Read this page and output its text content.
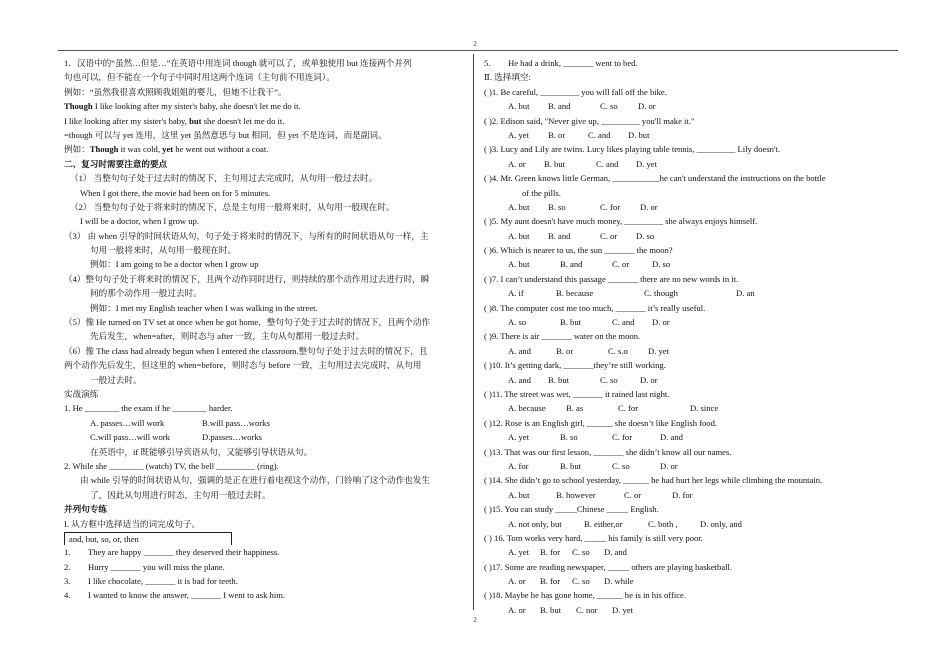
2
2
1．汉语中的“虽然…但是…”在英语中用连词 though 就可以了，或单独使用 but 连接两个并列
句也可以，但不能在一个句子中同时用这两个连词（主句前不用连词）。
例如：“虽然我很喜欢照顾我姐姐的婴儿，但她不让我干”。
Though I like looking after my sister's baby, she doesn't let me do it.
I like looking after my sister's baby, but she doesn't let me do it.
=though 可以与 yet 连用，这里 yet 虽然意思与 but 相同，但 yet 不是连词，而是副词。
例如：Though it was cold, yet he went out without a coat.
二、复习时需要注意的要点
（1） 当整句句子处于过去时的情况下，主句用过去完成时，从句用一般过去时。
When I got there, the movie had been on for 5 minutes.
（2） 当整句句子处于将来时的情况下，总是主句用一般将来时，从句用一般现在时。
I will be a doctor, when I grow up.
（3） 由 when 引导的时间状语从句，句子处于将来时的情况下，与所有的时间状语从句一样，主
句用一般将来时，从句用一般现在时。
例如：I am going to be a doctor when I grow up
（4）整句句子处于将来时的情况下，且两个动作同时进行，则持续的那个动作用过去进行时，瞬
间的那个动作用一般过去时。
例如：I met my English teacher when I was walking in the street.
（5）像 He turned on TV set at once when he got home，整句句子处于过去时的情况下，且两个动作
先后发生，when=after，则时态与 after 一致，主句从句都用一般过去时。
（6）像 The class had already begun when I entered the classroom.整句句子处于过去时的情况下，且
两个动作先后发生，但这里的 when=before，则时态与 before 一致，主句用过去完成时，从句用
一般过去时。
实战演练
1. He ________ the exam if he ________ harder.
A. passes…will work	B.will pass…works
C.will pass…will work	D.passes…works
在英语中，if 既能够引导宾语从句，又能够引导状语从句。
2. While she ________ (watch) TV, the bell _________ (ring).
由 while 引导的时间状语从句，强调的是正在进行着电视这个动作，门铃响了这个动作也发生
了，因此从句用进行时态，主句用一般过去时。
并列句专练
I. 从方框中选择适当的词完成句子。
and, but, so, or, then
1. They are happy _______ they deserved their happiness.
2. Hurry _______ you will miss the plane.
3. I like chocolate, _______ it is bad for teeth.
4. I wanted to know the answer, _______ I went to ask him.
5. He had a drink, _______ went to bed.
Ⅱ. 选择填空:
( )1. Be careful, _________ you will fall off the bike.
A. but B. and	C. so D. or
( )2. Edison said, "Never give up, _________ you'll make it."
A. yet B. or	C. and D. but
( )3. Lucy and Lily are twins. Lucy likes playing table tennis, _________ Lily doesn't.
A. or B. but	C. and D. yet
( )4. Mr. Green knows little German, ___________he can't understand the instructions on the bottle
of the pills.
A. but B. so	C. for D. or
( )5. My aunt doesn't have much money, _________ she always enjoys himself.
A. but B. and	C. or D. so
( )6. Which is nearer to us, the sun _______ the moon?
A. but	B. and	C. or	D. so
( )7. I can’t understand this passage _______ there are no new words in it.
A. if	B. because	C. though	D. an
( )8. The computer cost me too much, _______ it’s really useful.
A. so	B. but	C. and D. or
( )9. There is air _______ water on the moon.
A. and	B. or	C. s.o D. yet
( )10. It’s getting dark, _______they’re still working.
A. and B. but	C. so	D. or
( )11. The street was wet, _______ it rained last night.
A. because B. as	C. for	D. since
( )12. Rose is an English girl, ______ she doesn’t like English food.
A. yet	B. so	C. for	D. and
( )13. That was our first lesson, _______ she didn’t know all our names.
A. for	B. but	C. so	D. or
( )14. She didn’t go to school yesterday, ______ he had hurt her legs while climbing the mountain.
A. but	B. however	C. or	D. for
( )15. You can study _____Chinese _____ English.
A. not only, but	B. either,or	C. both ,	D. only, and
( ) 16. Tom works very hard, _____ his family is still very poor.
A. yet B. for C. so D. and
( )17. Some are reading newspaper, _____ others are playing basketball.
A. or B. for C. so D. while
( )18. Maybe he has gone home, ______ he is in his office.
A. or B. but C. nor D. yet
